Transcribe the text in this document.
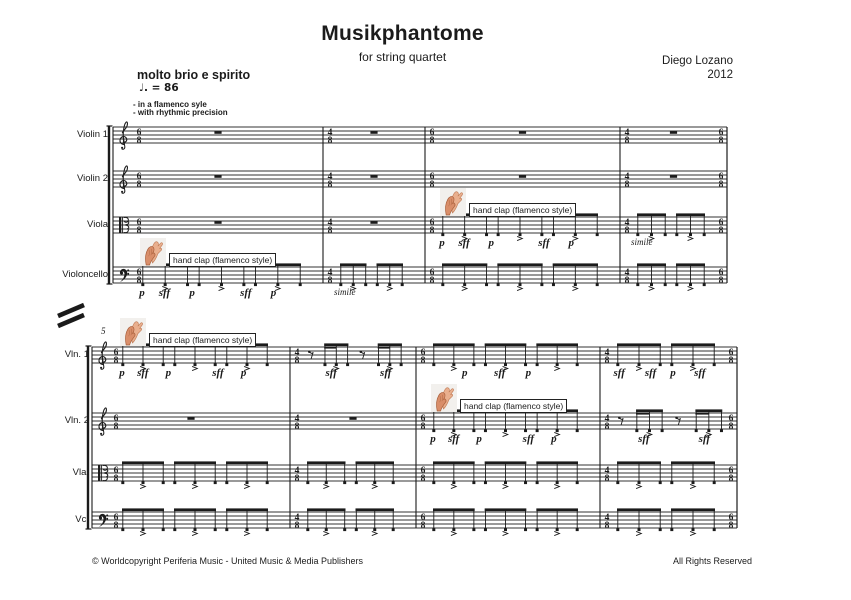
6
8
4
8
6
8
4
8
6
8
6
8
4
8
6
8
4
8
6
8
6
8
4
8
6
8
4
8
6
8
6
8
4
8
6
8
4
8
6
8
6
8
4
8
6
8
4
8
6
8
6
8
4
8
6
8
4
8
6
8
6
8
4
8
6
8
4
8
6
8
6
8
4
8
6
8
4
8
6
8
Musikphantome
for string quartet	Diego Lozano
2012
molto brio e spirito
♩. = 86
- in a flamenco syle
- with rhythmic precision
© Worldcopyright Periferia Music - United Music & Media Publishers	All Rights Reserved
Violin 1
Violin 2
Viola
Violoncello
hand clap (flamenco style)
p	sff	p	sff	p	simile
hand clap (flamenco style)
p	sff	p	sff	p	simile
Vln. 1
Vln. 2
Vla.
Vc.
hand clap (flamenco style)
p	sff	p	sff	p	sff	sff	p	sff	p	sff	sff	p	sff
hand clap (flamenco style)
p	sff	p	sff	p	sff	sff
5
